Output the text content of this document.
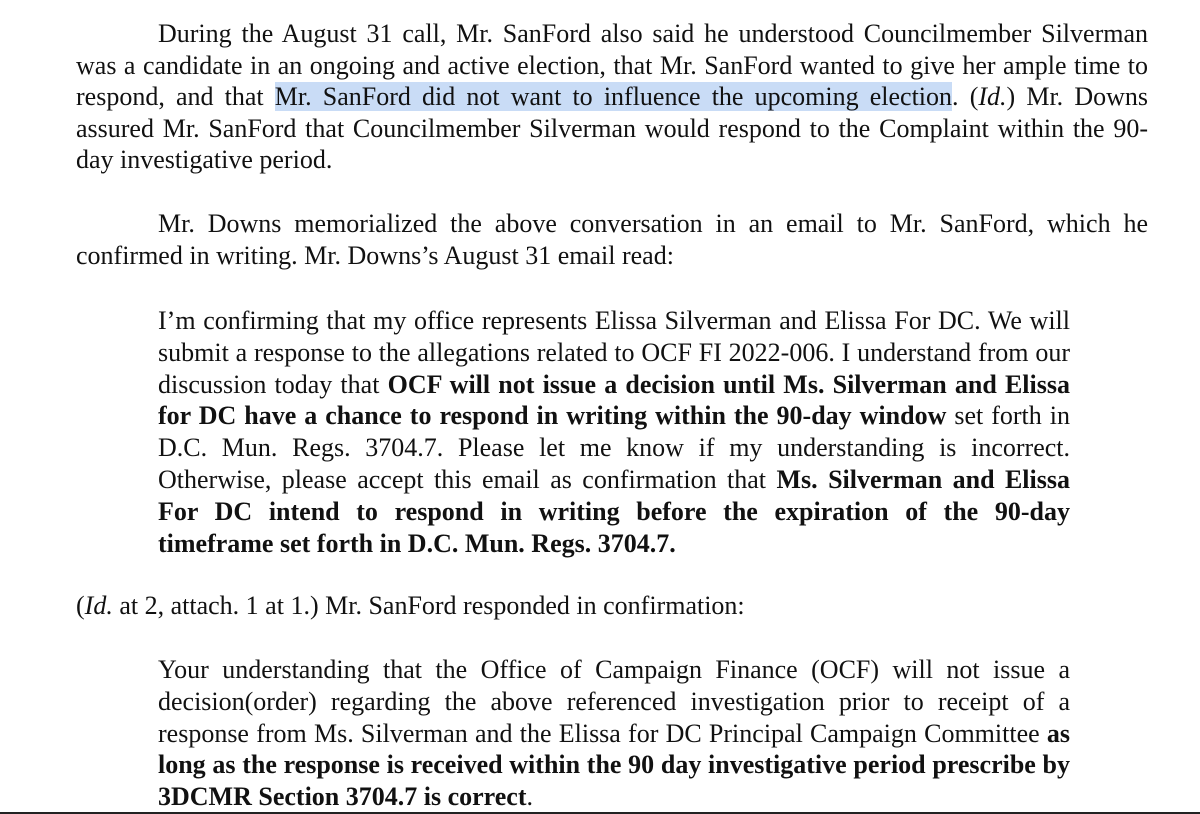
During the August 31 call, Mr. SanFord also said he understood Councilmember Silverman was a candidate in an ongoing and active election, that Mr. SanFord wanted to give her ample time to respond, and that Mr. SanFord did not want to influence the upcoming election. (Id.) Mr. Downs assured Mr. SanFord that Councilmember Silverman would respond to the Complaint within the 90-day investigative period.

Mr. Downs memorialized the above conversation in an email to Mr. SanFord, which he confirmed in writing. Mr. Downs’s August 31 email read:

I’m confirming that my office represents Elissa Silverman and Elissa For DC. We will submit a response to the allegations related to OCF FI 2022-006. I understand from our discussion today that OCF will not issue a decision until Ms. Silverman and Elissa for DC have a chance to respond in writing within the 90-day window set forth in D.C. Mun. Regs. 3704.7. Please let me know if my understanding is incorrect. Otherwise, please accept this email as confirmation that Ms. Silverman and Elissa For DC intend to respond in writing before the expiration of the 90-day timeframe set forth in D.C. Mun. Regs. 3704.7.

(Id. at 2, attach. 1 at 1.) Mr. SanFord responded in confirmation:

Your understanding that the Office of Campaign Finance (OCF) will not issue a decision(order) regarding the above referenced investigation prior to receipt of a response from Ms. Silverman and the Elissa for DC Principal Campaign Committee as long as the response is received within the 90 day investigative period prescribe by 3DCMR Section 3704.7 is correct.
